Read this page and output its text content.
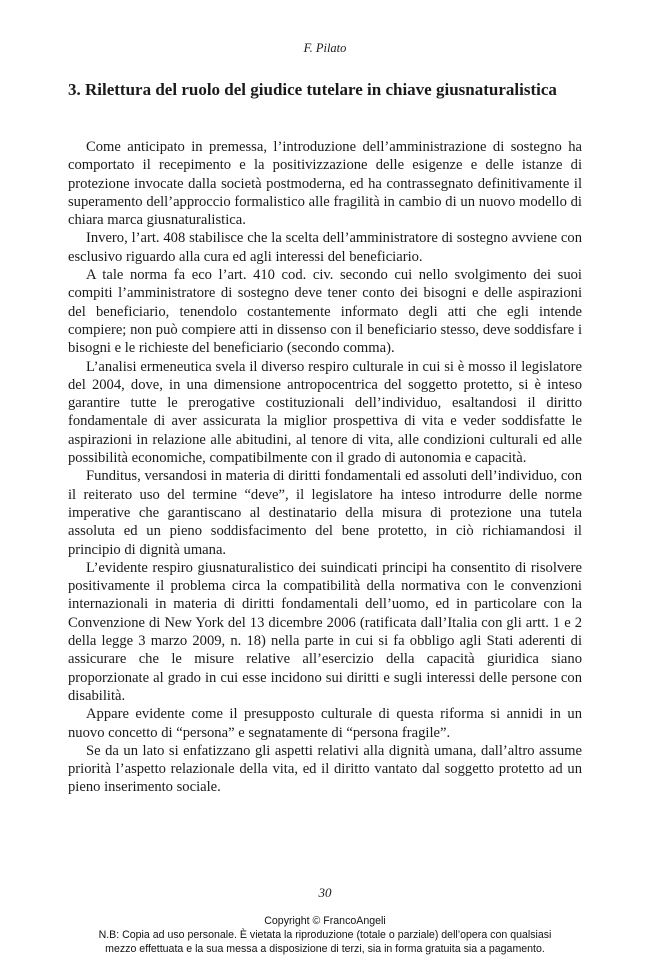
F. Pilato
3. Rilettura del ruolo del giudice tutelare in chiave giusnaturalistica

Come anticipato in premessa, l’introduzione dell’amministrazione di sostegno ha comportato il recepimento e la positivizzazione delle esigenze e delle istanze di protezione invocate dalla società postmoderna, ed ha contrassegnato definitivamente il superamento dell’approccio formalistico alle fragilità in cambio di un nuovo modello di chiara marca giusnaturalistica.

Invero, l’art. 408 stabilisce che la scelta dell’amministratore di sostegno avviene con esclusivo riguardo alla cura ed agli interessi del beneficiario.

A tale norma fa eco l’art. 410 cod. civ. secondo cui nello svolgimento dei suoi compiti l’amministratore di sostegno deve tener conto dei bisogni e delle aspirazioni del beneficiario, tenendolo costantemente informato degli atti che egli intende compiere; non può compiere atti in dissenso con il beneficiario stesso, deve soddisfare i bisogni e le richieste del beneficiario (secondo comma).

L’analisi ermeneutica svela il diverso respiro culturale in cui si è mosso il legislatore del 2004, dove, in una dimensione antropocentrica del soggetto protetto, si è inteso garantire tutte le prerogative costituzionali dell’individuo, esaltandosi il diritto fondamentale di aver assicurata la miglior prospettiva di vita e veder soddisfatte le aspirazioni in relazione alle abitudini, al tenore di vita, alle condizioni culturali ed alle possibilità economiche, compatibilmente con il grado di autonomia e capacità.

Funditus, versandosi in materia di diritti fondamentali ed assoluti dell’individuo, con il reiterato uso del termine “deve”, il legislatore ha inteso introdurre delle norme imperative che garantiscano al destinatario della misura di protezione una tutela assoluta ed un pieno soddisfacimento del bene protetto, in ciò richiamandosi il principio di dignità umana.

L’evidente respiro giusnaturalistico dei suindicati principi ha consentito di risolvere positivamente il problema circa la compatibilità della normativa con le convenzioni internazionali in materia di diritti fondamentali dell’uomo, ed in particolare con la Convenzione di New York del 13 dicembre 2006 (ratificata dall’Italia con gli artt. 1 e 2 della legge 3 marzo 2009, n. 18) nella parte in cui si fa obbligo agli Stati aderenti di assicurare che le misure relative all’esercizio della capacità giuridica siano proporzionate al grado in cui esse incidono sui diritti e sugli interessi delle persone con disabilità.

Appare evidente come il presupposto culturale di questa riforma si annidi in un nuovo concetto di “persona” e segnatamente di “persona fragile”.

Se da un lato si enfatizzano gli aspetti relativi alla dignità umana, dall’altro assume priorità l’aspetto relazionale della vita, ed il diritto vantato dal soggetto protetto ad un pieno inserimento sociale.

30
Copyright © FrancoAngeli
N.B: Copia ad uso personale. È vietata la riproduzione (totale o parziale) dell’opera con qualsiasi
mezzo effettuata e la sua messa a disposizione di terzi, sia in forma gratuita sia a pagamento.
